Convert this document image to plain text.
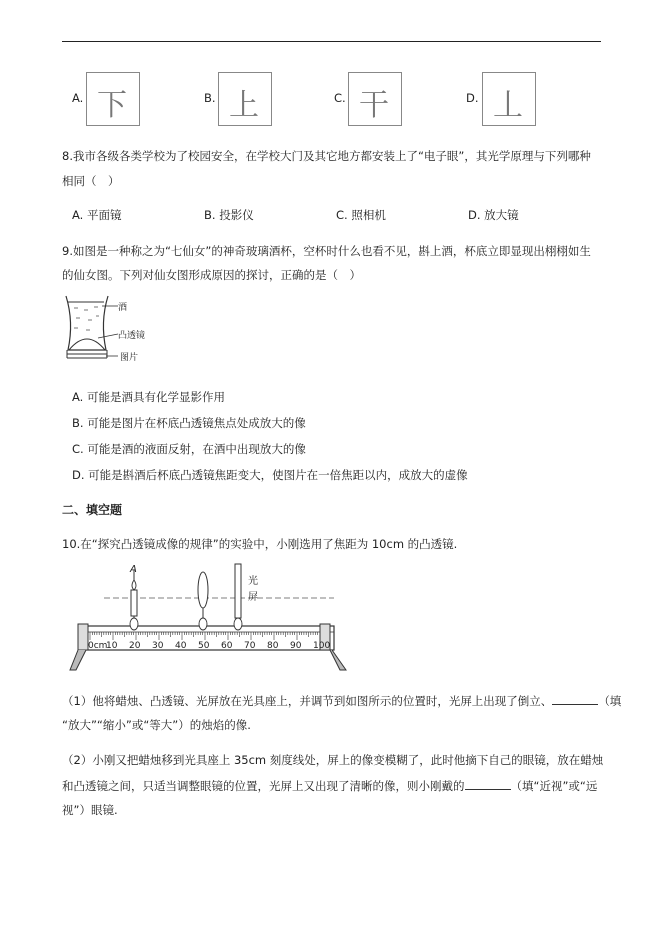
A. 下	B. 上	C. 干	D. 丄
8.我市各级各类学校为了校园安全，在学校大门及其它地方都安装上了“电子眼”，其光学原理与下列哪种
相同（　）
A. 平面镜	B. 投影仪	C. 照相机	D. 放大镜
9.如图是一种称之为“七仙女”的神奇玻璃酒杯，空杯时什么也看不见，斟上酒，杯底立即显现出栩栩如生
的仙女图。下列对仙女图形成原因的探讨，正确的是（　）
酒
凸透镜
图片
A. 可能是酒具有化学显影作用
B. 可能是图片在杯底凸透镜焦点处成放大的像
C. 可能是酒的液面反射，在酒中出现放大的像
D. 可能是斟酒后杯底凸透镜焦距变大，使图片在一倍焦距以内，成放大的虚像
二、填空题
10.在“探究凸透镜成像的规律”的实验中，小刚选用了焦距为 10cm 的凸透镜.
A
光
屏
0cm
10 20 30 40 50 60 70 80 90 100
（1）他将蜡烛、凸透镜、光屏放在光具座上，并调节到如图所示的位置时，光屏上出现了倒立、	（填
“放大”“缩小”或“等大”）的烛焰的像.
（2）小刚又把蜡烛移到光具座上 35cm 刻度线处，屏上的像变模糊了，此时他摘下自己的眼镜，放在蜡烛
和凸透镜之间，只适当调整眼镜的位置，光屏上又出现了清晰的像，则小刚戴的	（填“近视”或“远
视”）眼镜.
